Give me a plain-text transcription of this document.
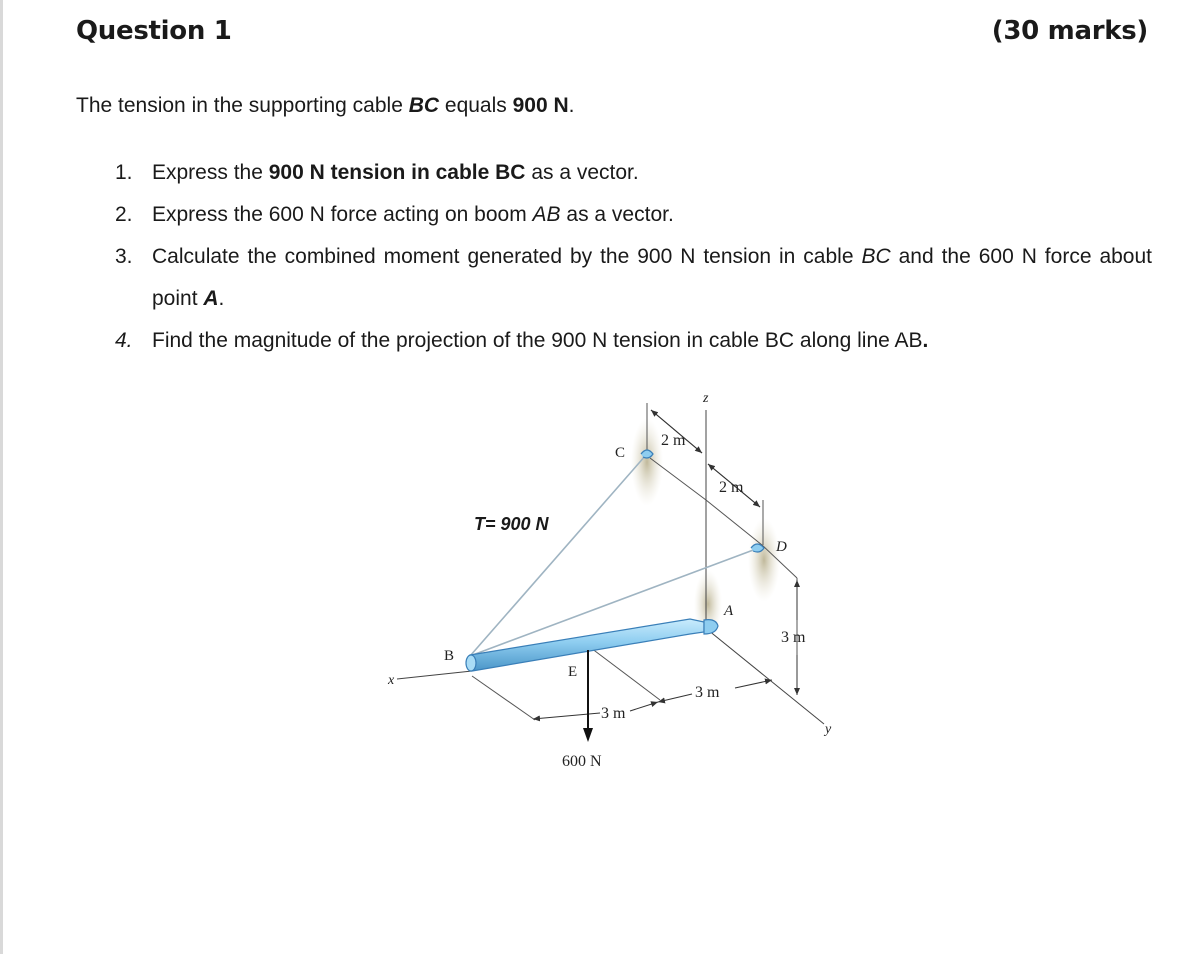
Question 1	(30 marks)
The tension in the supporting cable BC equals 900 N.
1. Express the 900 N tension in cable BC as a vector.
2. Express the 600 N force acting on boom AB as a vector.
3. Calculate the combined moment generated by the 900 N tension in cable BC and the 600 N force about point A.
4. Find the magnitude of the projection of the 900 N tension in cable BC along line AB.
z
2 m
C
2 m
T= 900 N
D
A
3 m
B
E
x
3 m
3 m
y
600 N
